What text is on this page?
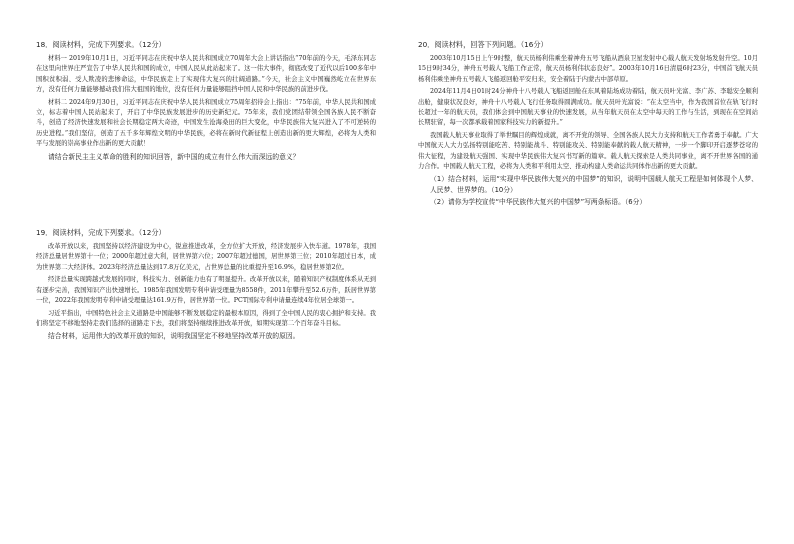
18．阅读材料，完成下列要求。（12分）

材料一 2019年10月1日，习近平同志在庆祝中华人民共和国成立70周年大会上讲话指出“70年前的今天，毛泽东同志在这里向世界庄严宣告了中华人民共和国的成立，中国人民从此站起来了。这一伟大事件，彻底改变了近代以后100多年中国积贫积弱、受人欺凌的悲惨命运，中华民族走上了实现伟大复兴的壮阔道路。”今天，社会主义中国巍然屹立在世界东方，没有任何力量能够撼动我们伟大祖国的地位，没有任何力量能够阻挡中国人民和中华民族的前进步伐。

材料二 2024年9月30日，习近平同志在庆祝中华人民共和国成立75周年招待会上指出：“75年前，中华人民共和国成立，标志着中国人民站起来了，开启了中华民族发展进步的历史新纪元。75年来，我们党团结带领全国各族人民不断奋斗，创造了经济快速发展和社会长期稳定两大奇迹，中国发生沧海桑田的巨大变化，中华民族伟大复兴进入了不可逆转的历史进程。”我们坚信，创造了五千多年辉煌文明的中华民族，必将在新时代新征程上创造出新的更大辉煌，必将为人类和平与发展的崇高事业作出新的更大贡献！

请结合新民主主义革命的胜利的知识回答，新中国的成立有什么伟大而深远的意义？

19．阅读材料，完成下列要求。（12分）

改革开放以来，我国坚持以经济建设为中心，锐意推进改革，全方位扩大开放，经济发展步入快车道。1978年，我国经济总量居世界第十一位；2000年超过意大利，居世界第六位；2007年超过德国，居世界第三位；2010年超过日本，成为世界第二大经济体。2023年经济总量达到17.8万亿美元，占世界总量的比重提升至16.9%，稳居世界第2位。

经济总量实现跨越式发展的同时，科技实力、创新能力也有了明显提升。改革开放以来，随着知识产权制度体系从无到有逐步完善，我国知识产出快速增长。1985年我国发明专利申请受理量为8558件，2011年攀升至52.6万件，跃居世界第一位，2022年我国发明专利申请受理量达161.9万件，居世界第一位。PCT国际专利申请量连续4年位居全球第一。

习近平指出，中国特色社会主义道路是中国能够不断发展稳定的最根本原因，得到了全中国人民的衷心拥护和支持。我们将坚定不移地坚持走我们选择的道路走下去，我们将坚持继续推进改革开放，如期实现第二个百年奋斗目标。

结合材料，运用伟大的改革开放的知识，说明我国坚定不移地坚持改革开放的原因。

20．阅读材料，回答下列问题。（16分）

2003年10月15日上午9时整，航天员杨利伟乘坐着神舟五号飞船从酒泉卫星发射中心载人航天发射场发射升空。10月15日9时34分，神舟五号载人飞船工作正常，航天员杨利伟状态良好”。2003年10月16日清晨6时23分，中国首飞航天员杨利伟乘坐神舟五号载人飞船返回舱平安归来，安全着陆于内蒙古中部草原。

2024年11月4日01时24分神舟十八号载人飞船返回舱在东风着陆场成功着陆，航天员叶光富、李广苏、李聪安全顺利出舱，健康状况良好，神舟十八号载人飞行任务取得圆满成功。航天员叶光富说：“在太空当中，作为我国首位在轨飞行时长超过一年的航天员，我们体会到中国航天事业的快速发展，从当年航天员在太空中每天的工作与生活，到现在在空间站长期驻留，每一次都承载着国家科技实力的新提升。”

我国载人航天事业取得了举世瞩目的辉煌成就，离不开党的领导、全国各族人民大力支持和航天工作者勇于奉献。广大中国航天人大力弘扬特别能吃苦、特别能战斗、特别能攻关、特别能奉献的载人航天精神，一步一个脚印开启逐梦苍穹的伟大征程，为建设航天强国、实现中华民族伟大复兴书写新的篇章。载人航天探索是人类共同事业，离不开世界各国的通力合作。中国载人航天工程，必将为人类和平利用太空、推动构建人类命运共同体作出新的更大贡献。

（1）结合材料，运用“实现中华民族伟大复兴的中国梦”的知识，说明中国载人航天工程是如何体现个人梦、人民梦、世界梦的。（10分）

（2）请你为学校宣传“中华民族伟大复兴的中国梦”写两条标语。（6分）
